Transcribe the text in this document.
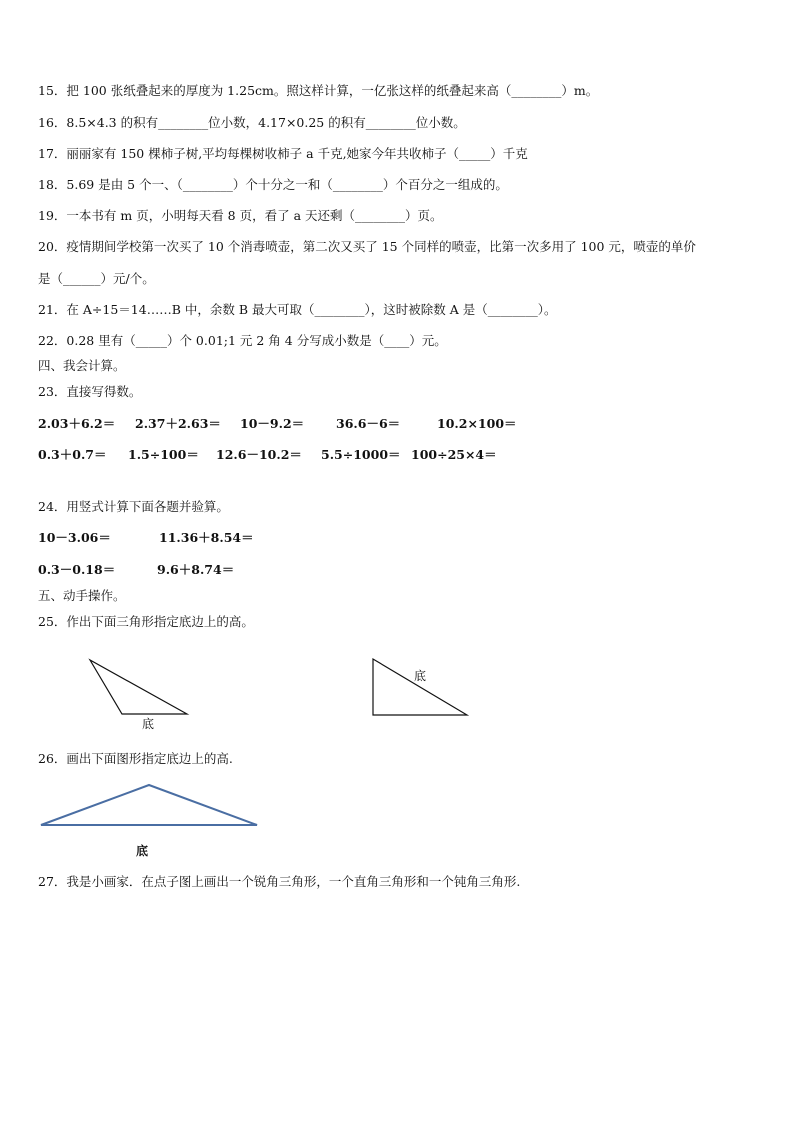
15．把 100 张纸叠起来的厚度为 1.25cm。照这样计算，一亿张这样的纸叠起来高（________）m。
16．8.5×4.3 的积有________位小数，4.17×0.25 的积有________位小数。
17．丽丽家有 150 棵柿子树,平均每棵树收柿子 a 千克,她家今年共收柿子（_____）千克
18．5.69 是由 5 个一、（________）个十分之一和（________）个百分之一组成的。
19．一本书有 m 页，小明每天看 8 页，看了 a 天还剩（________）页。
20．疫情期间学校第一次买了 10 个消毒喷壶，第二次又买了 15 个同样的喷壶，比第一次多用了 100 元，喷壶的单价
是（______）元/个。
21．在 A÷15＝14……B 中，余数 B 最大可取（________），这时被除数 A 是（________）。
22．0.28 里有（_____）个 0.01;1 元 2 角 4 分写成小数是（____）元。
四、我会计算。
23．直接写得数。
2.03＋6.2＝ 2.37＋2.63＝ 10－9.2＝	36.6－6＝	10.2×100＝
0.3＋0.7＝ 1.5÷100＝ 12.6－10.2＝ 5.5÷1000＝ 100÷25×4＝
24．用竖式计算下面各题并验算。
10－3.06＝	11.36＋8.54＝
0.3－0.18＝	9.6＋8.74＝
五、动手操作。
25．作出下面三角形指定底边上的高。
底
底
26．画出下面图形指定底边上的高.
底
27．我是小画家．在点子图上画出一个锐角三角形，一个直角三角形和一个钝角三角形.
